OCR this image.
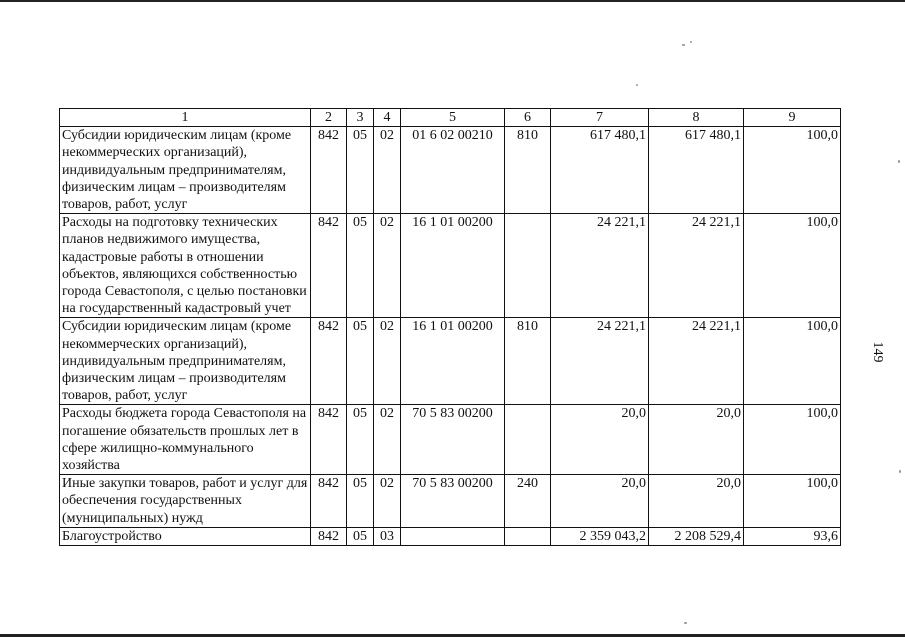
149
1	2	3	4	5	6	7	8	9
Субсидии юридическим лицам (кроме некоммерческих организаций), индивидуальным предпринимателям, физическим лицам – производителям товаров, работ, услуг	842	05	02	01 6 02 00210	810	617 480,1	617 480,1	100,0
Расходы на подготовку технических планов недвижимого имущества, кадастровые работы в отношении объектов, являющихся собственностью города Севастополя, с целью постановки на государственный кадастровый учет	842	05	02	16 1 01 00200		24 221,1	24 221,1	100,0
Субсидии юридическим лицам (кроме некоммерческих организаций), индивидуальным предпринимателям, физическим лицам – производителям товаров, работ, услуг	842	05	02	16 1 01 00200	810	24 221,1	24 221,1	100,0
Расходы бюджета города Севастополя на погашение обязательств прошлых лет в сфере жилищно-коммунального хозяйства	842	05	02	70 5 83 00200		20,0	20,0	100,0
Иные закупки товаров, работ и услуг для обеспечения государственных (муниципальных) нужд	842	05	02	70 5 83 00200	240	20,0	20,0	100,0
Благоустройство	842	05	03			2 359 043,2	2 208 529,4	93,6
